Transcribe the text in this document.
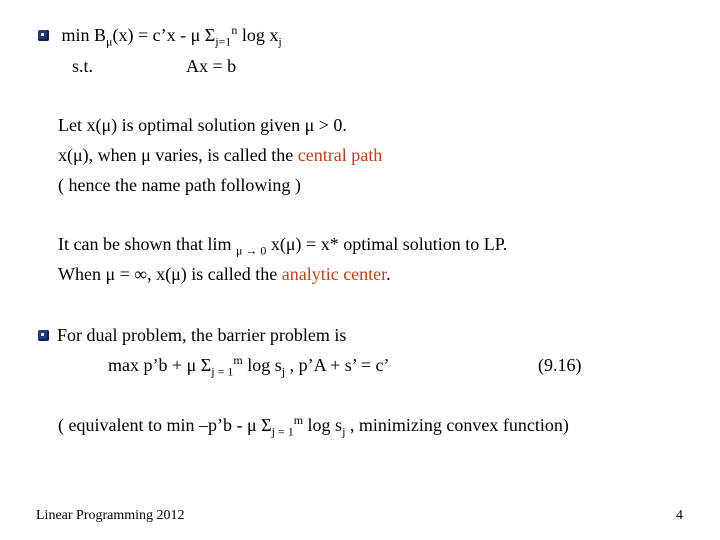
$\min B_\mu(x)$ = c’x - μ $\Sigma_{j=1}^n$ $\log x_j$
s.t.	Ax = b
Let x(μ) is optimal solution given μ > 0.
x(μ), when μ varies, is called the central path
( hence the name path following )
It can be shown that lim $_{\mu \to 0}$ x(μ) = x* optimal solution to LP.
When μ = ∞, x(μ) is called the analytic center.
For dual problem, the barrier problem is
max p’b + μ $\Sigma_{j = 1}^m$ $\log s_j$ , p’A + s’ = c’	(9.16)
( equivalent to min –p’b - μ $\Sigma_{j = 1}^m$ $\log s_j$ , minimizing convex function)
Linear Programming 2012	4
